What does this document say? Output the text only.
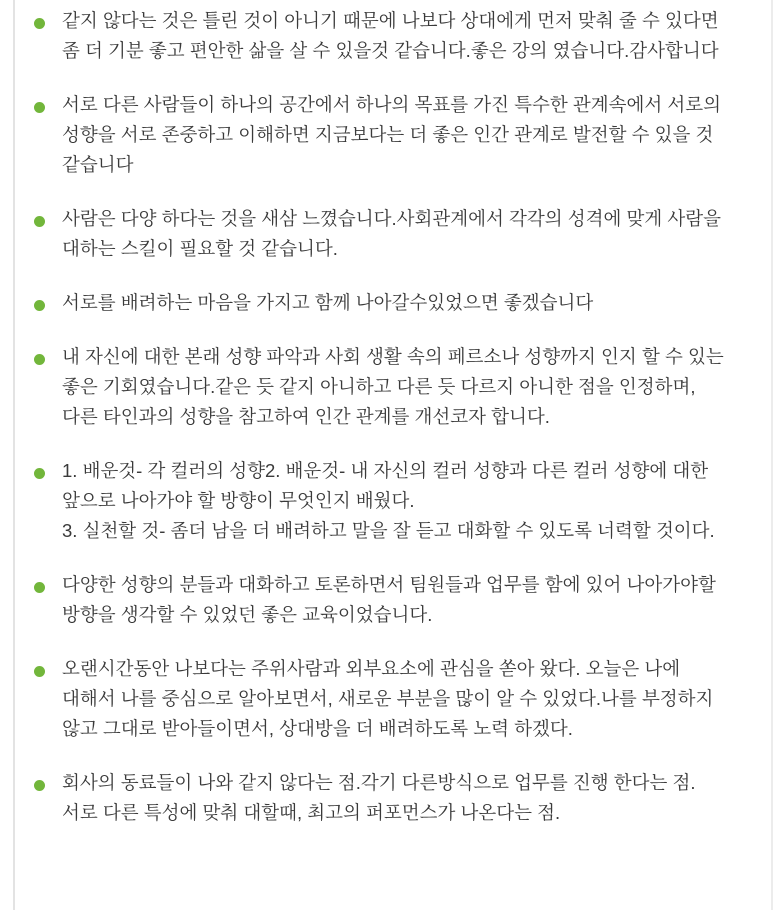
같지 않다는 것은 틀린 것이 아니기 때문에 나보다 상대에게 먼저 맞춰 줄 수 있다면 좀 더 기분 좋고 편안한 삶을 살 수 있을것 같습니다.좋은 강의 였습니다.감사합니다

서로 다른 사람들이 하나의 공간에서 하나의 목표를 가진 특수한 관계속에서 서로의 성향을 서로 존중하고 이해하면 지금보다는 더 좋은 인간 관계로 발전할 수 있을 것 같습니다

사람은 다양 하다는 것을 새삼 느꼈습니다.사회관계에서 각각의 성격에 맞게 사람을 대하는 스킬이 필요할 것 같습니다.

서로를 배려하는 마음을 가지고 함께 나아갈수있었으면 좋겠습니다

내 자신에 대한 본래 성향 파악과 사회 생활 속의 페르소나 성향까지 인지 할 수 있는 좋은 기회였습니다.같은 듯 같지 아니하고 다른 듯 다르지 아니한 점을 인정하며, 다른 타인과의 성향을 참고하여 인간 관계를 개선코자 합니다.

1. 배운것- 각 컬러의 성향2. 배운것- 내 자신의 컬러 성향과 다른 컬러 성향에 대한 앞으로 나아가야 할 방향이 무엇인지 배웠다.
3. 실천할 것- 좀더 남을 더 배려하고 말을 잘 듣고 대화할 수 있도록 너력할 것이다.

다양한 성향의 분들과 대화하고 토론하면서 팀원들과 업무를 함에 있어 나아가야할 방향을 생각할 수 있었던 좋은 교육이었습니다.

오랜시간동안 나보다는 주위사람과 외부요소에 관심을 쏟아 왔다. 오늘은 나에 대해서 나를 중심으로 알아보면서, 새로운 부분을 많이 알 수 있었다.나를 부정하지 않고 그대로 받아들이면서, 상대방을 더 배려하도록 노력 하겠다.

회사의 동료들이 나와 같지 않다는 점.각기 다른방식으로 업무를 진행 한다는 점.
서로 다른 특성에 맞춰 대할때, 최고의 퍼포먼스가 나온다는 점.
